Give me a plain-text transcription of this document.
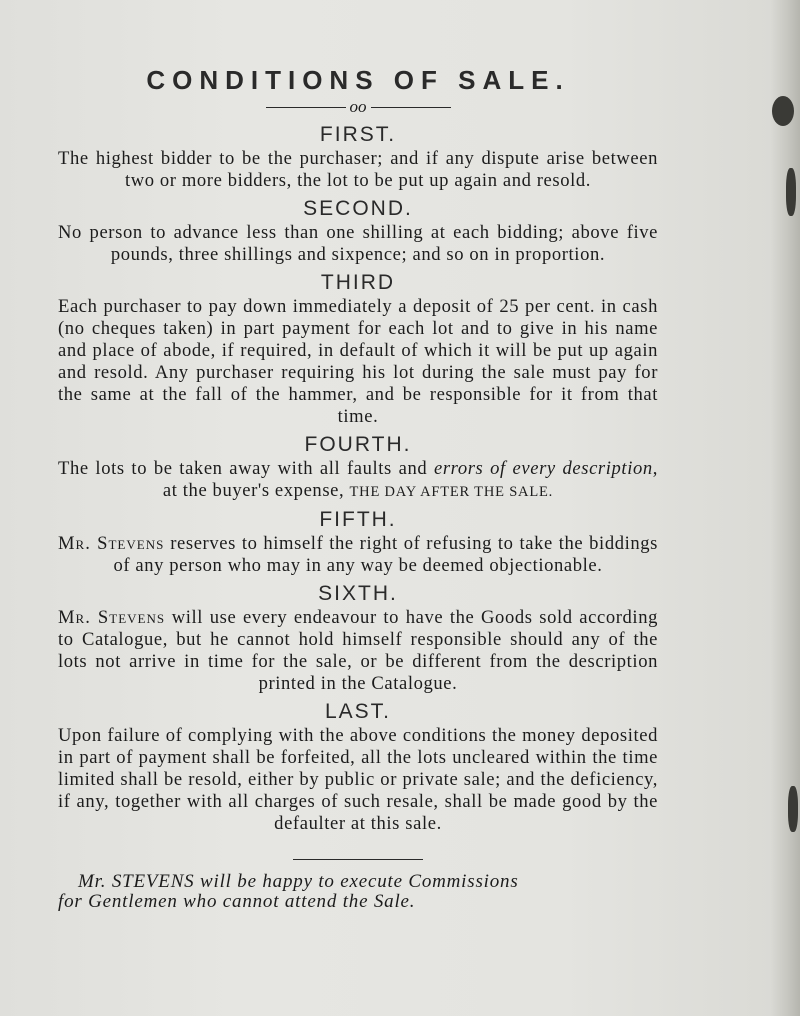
CONDITIONS OF SALE.
oo
FIRST.

The highest bidder to be the purchaser; and if any dispute arise between two or more bidders, the lot to be put up again and resold.

SECOND.

No person to advance less than one shilling at each bidding; above five pounds, three shillings and sixpence; and so on in proportion.

THIRD

Each purchaser to pay down immediately a deposit of 25 per cent. in cash (no cheques taken) in part payment for each lot and to give in his name and place of abode, if required, in default of which it will be put up again and resold. Any purchaser requiring his lot during the sale must pay for the same at the fall of the hammer, and be responsible for it from that time.

FOURTH.

The lots to be taken away with all faults and errors of every description, at the buyer's expense, THE DAY AFTER THE SALE.

FIFTH.

Mr. Stevens reserves to himself the right of refusing to take the biddings of any person who may in any way be deemed objectionable.

SIXTH.

Mr. Stevens will use every endeavour to have the Goods sold according to Catalogue, but he cannot hold himself responsible should any of the lots not arrive in time for the sale, or be different from the description printed in the Catalogue.

LAST.

Upon failure of complying with the above conditions the money deposited in part of payment shall be forfeited, all the lots uncleared within the time limited shall be resold, either by public or private sale; and the deficiency, if any, together with all charges of such resale, shall be made good by the defaulter at this sale.

Mr. STEVENS will be happy to execute Commissions
for Gentlemen who cannot attend the Sale.
